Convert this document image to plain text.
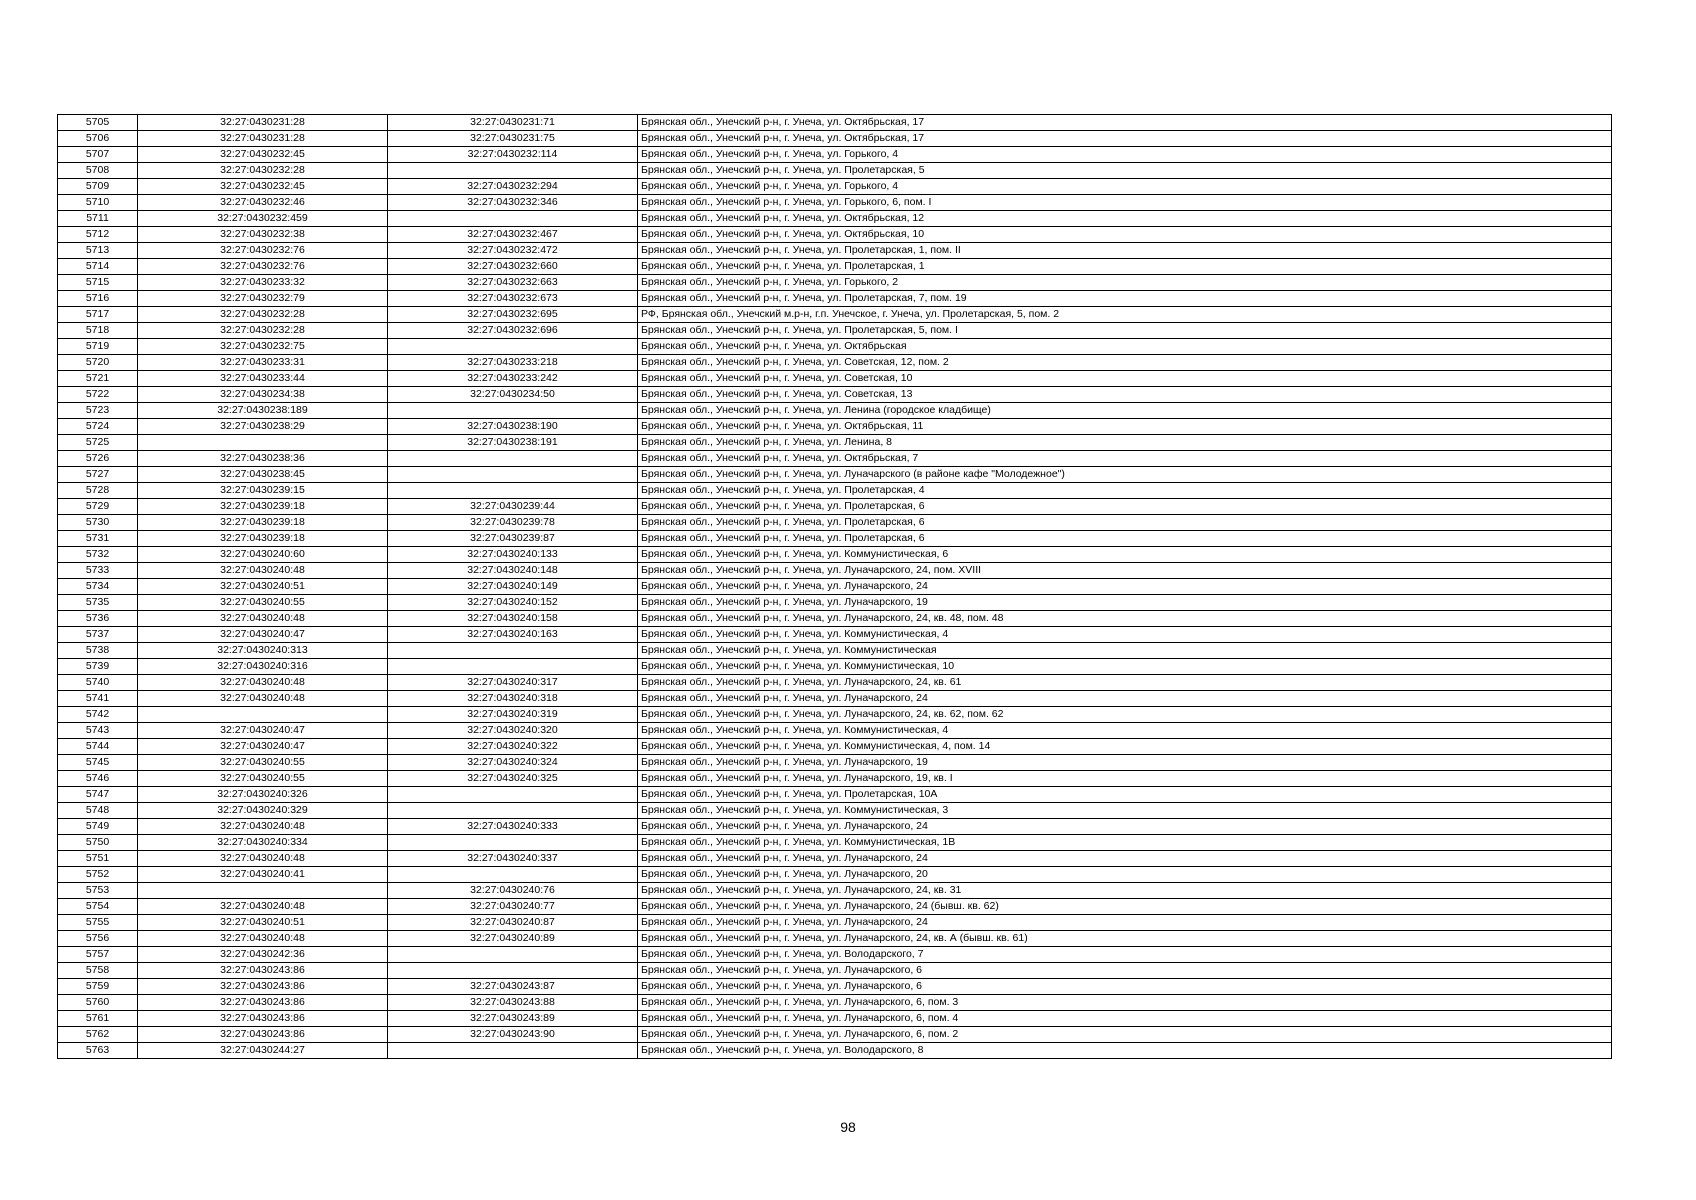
5705	32:27:0430231:28	32:27:0430231:71	Брянская обл., Унечский р-н, г. Унеча, ул. Октябрьская, 17
5706	32:27:0430231:28	32:27:0430231:75	Брянская обл., Унечский р-н, г. Унеча, ул. Октябрьская, 17
5707	32:27:0430232:45	32:27:0430232:114	Брянская обл., Унечский р-н, г. Унеча, ул. Горького, 4
5708	32:27:0430232:28		Брянская обл., Унечский р-н, г. Унеча, ул. Пролетарская, 5
5709	32:27:0430232:45	32:27:0430232:294	Брянская обл., Унечский р-н, г. Унеча, ул. Горького, 4
5710	32:27:0430232:46	32:27:0430232:346	Брянская обл., Унечский р-н, г. Унеча, ул. Горького, 6, пом. I
5711	32:27:0430232:459		Брянская обл., Унечский р-н, г. Унеча, ул. Октябрьская, 12
5712	32:27:0430232:38	32:27:0430232:467	Брянская обл., Унечский р-н, г. Унеча, ул. Октябрьская, 10
5713	32:27:0430232:76	32:27:0430232:472	Брянская обл., Унечский р-н, г. Унеча, ул. Пролетарская, 1, пом. II
5714	32:27:0430232:76	32:27:0430232:660	Брянская обл., Унечский р-н, г. Унеча, ул. Пролетарская, 1
5715	32:27:0430233:32	32:27:0430232:663	Брянская обл., Унечский р-н, г. Унеча, ул. Горького, 2
5716	32:27:0430232:79	32:27:0430232:673	Брянская обл., Унечский р-н, г. Унеча, ул. Пролетарская, 7, пом. 19
5717	32:27:0430232:28	32:27:0430232:695	РФ, Брянская обл., Унечский м.р-н, г.п. Унечское, г. Унеча, ул. Пролетарская, 5, пом. 2
5718	32:27:0430232:28	32:27:0430232:696	Брянская обл., Унечский р-н, г. Унеча, ул. Пролетарская, 5, пом. I
5719	32:27:0430232:75		Брянская обл., Унечский р-н, г. Унеча, ул. Октябрьская
5720	32:27:0430233:31	32:27:0430233:218	Брянская обл., Унечский р-н, г. Унеча, ул. Советская, 12, пом. 2
5721	32:27:0430233:44	32:27:0430233:242	Брянская обл., Унечский р-н, г. Унеча, ул. Советская, 10
5722	32:27:0430234:38	32:27:0430234:50	Брянская обл., Унечский р-н, г. Унеча, ул. Советская, 13
5723	32:27:0430238:189		Брянская обл., Унечский р-н, г. Унеча, ул. Ленина (городское кладбище)
5724	32:27:0430238:29	32:27:0430238:190	Брянская обл., Унечский р-н, г. Унеча, ул. Октябрьская, 11
5725		32:27:0430238:191	Брянская обл., Унечский р-н, г. Унеча, ул. Ленина, 8
5726	32:27:0430238:36		Брянская обл., Унечский р-н, г. Унеча, ул. Октябрьская, 7
5727	32:27:0430238:45		Брянская обл., Унечский р-н, г. Унеча, ул. Луначарского (в районе кафе "Молодежное")
5728	32:27:0430239:15		Брянская обл., Унечский р-н, г. Унеча, ул. Пролетарская, 4
5729	32:27:0430239:18	32:27:0430239:44	Брянская обл., Унечский р-н, г. Унеча, ул. Пролетарская, 6
5730	32:27:0430239:18	32:27:0430239:78	Брянская обл., Унечский р-н, г. Унеча, ул. Пролетарская, 6
5731	32:27:0430239:18	32:27:0430239:87	Брянская обл., Унечский р-н, г. Унеча, ул. Пролетарская, 6
5732	32:27:0430240:60	32:27:0430240:133	Брянская обл., Унечский р-н, г. Унеча, ул. Коммунистическая, 6
5733	32:27:0430240:48	32:27:0430240:148	Брянская обл., Унечский р-н, г. Унеча, ул. Луначарского, 24, пом. XVIII
5734	32:27:0430240:51	32:27:0430240:149	Брянская обл., Унечский р-н, г. Унеча, ул. Луначарского, 24
5735	32:27:0430240:55	32:27:0430240:152	Брянская обл., Унечский р-н, г. Унеча, ул. Луначарского, 19
5736	32:27:0430240:48	32:27:0430240:158	Брянская обл., Унечский р-н, г. Унеча, ул. Луначарского, 24, кв. 48, пом. 48
5737	32:27:0430240:47	32:27:0430240:163	Брянская обл., Унечский р-н, г. Унеча, ул. Коммунистическая, 4
5738	32:27:0430240:313		Брянская обл., Унечский р-н, г. Унеча, ул. Коммунистическая
5739	32:27:0430240:316		Брянская обл., Унечский р-н, г. Унеча, ул. Коммунистическая, 10
5740	32:27:0430240:48	32:27:0430240:317	Брянская обл., Унечский р-н, г. Унеча, ул. Луначарского, 24, кв. 61
5741	32:27:0430240:48	32:27:0430240:318	Брянская обл., Унечский р-н, г. Унеча, ул. Луначарского, 24
5742		32:27:0430240:319	Брянская обл., Унечский р-н, г. Унеча, ул. Луначарского, 24, кв. 62, пом. 62
5743	32:27:0430240:47	32:27:0430240:320	Брянская обл., Унечский р-н, г. Унеча, ул. Коммунистическая, 4
5744	32:27:0430240:47	32:27:0430240:322	Брянская обл., Унечский р-н, г. Унеча, ул. Коммунистическая, 4, пом. 14
5745	32:27:0430240:55	32:27:0430240:324	Брянская обл., Унечский р-н, г. Унеча, ул. Луначарского, 19
5746	32:27:0430240:55	32:27:0430240:325	Брянская обл., Унечский р-н, г. Унеча, ул. Луначарского, 19, кв. I
5747	32:27:0430240:326		Брянская обл., Унечский р-н, г. Унеча, ул. Пролетарская, 10А
5748	32:27:0430240:329		Брянская обл., Унечский р-н, г. Унеча, ул. Коммунистическая, 3
5749	32:27:0430240:48	32:27:0430240:333	Брянская обл., Унечский р-н, г. Унеча, ул. Луначарского, 24
5750	32:27:0430240:334		Брянская обл., Унечский р-н, г. Унеча, ул. Коммунистическая, 1В
5751	32:27:0430240:48	32:27:0430240:337	Брянская обл., Унечский р-н, г. Унеча, ул. Луначарского, 24
5752	32:27:0430240:41		Брянская обл., Унечский р-н, г. Унеча, ул. Луначарского, 20
5753		32:27:0430240:76	Брянская обл., Унечский р-н, г. Унеча, ул. Луначарского, 24, кв. 31
5754	32:27:0430240:48	32:27:0430240:77	Брянская обл., Унечский р-н, г. Унеча, ул. Луначарского, 24 (бывш. кв. 62)
5755	32:27:0430240:51	32:27:0430240:87	Брянская обл., Унечский р-н, г. Унеча, ул. Луначарского, 24
5756	32:27:0430240:48	32:27:0430240:89	Брянская обл., Унечский р-н, г. Унеча, ул. Луначарского, 24, кв. А (бывш. кв. 61)
5757	32:27:0430242:36		Брянская обл., Унечский р-н, г. Унеча, ул. Володарского, 7
5758	32:27:0430243:86		Брянская обл., Унечский р-н, г. Унеча, ул. Луначарского, 6
5759	32:27:0430243:86	32:27:0430243:87	Брянская обл., Унечский р-н, г. Унеча, ул. Луначарского, 6
5760	32:27:0430243:86	32:27:0430243:88	Брянская обл., Унечский р-н, г. Унеча, ул. Луначарского, 6, пом. 3
5761	32:27:0430243:86	32:27:0430243:89	Брянская обл., Унечский р-н, г. Унеча, ул. Луначарского, 6, пом. 4
5762	32:27:0430243:86	32:27:0430243:90	Брянская обл., Унечский р-н, г. Унеча, ул. Луначарского, 6, пом. 2
5763	32:27:0430244:27		Брянская обл., Унечский р-н, г. Унеча, ул. Володарского, 8
98
